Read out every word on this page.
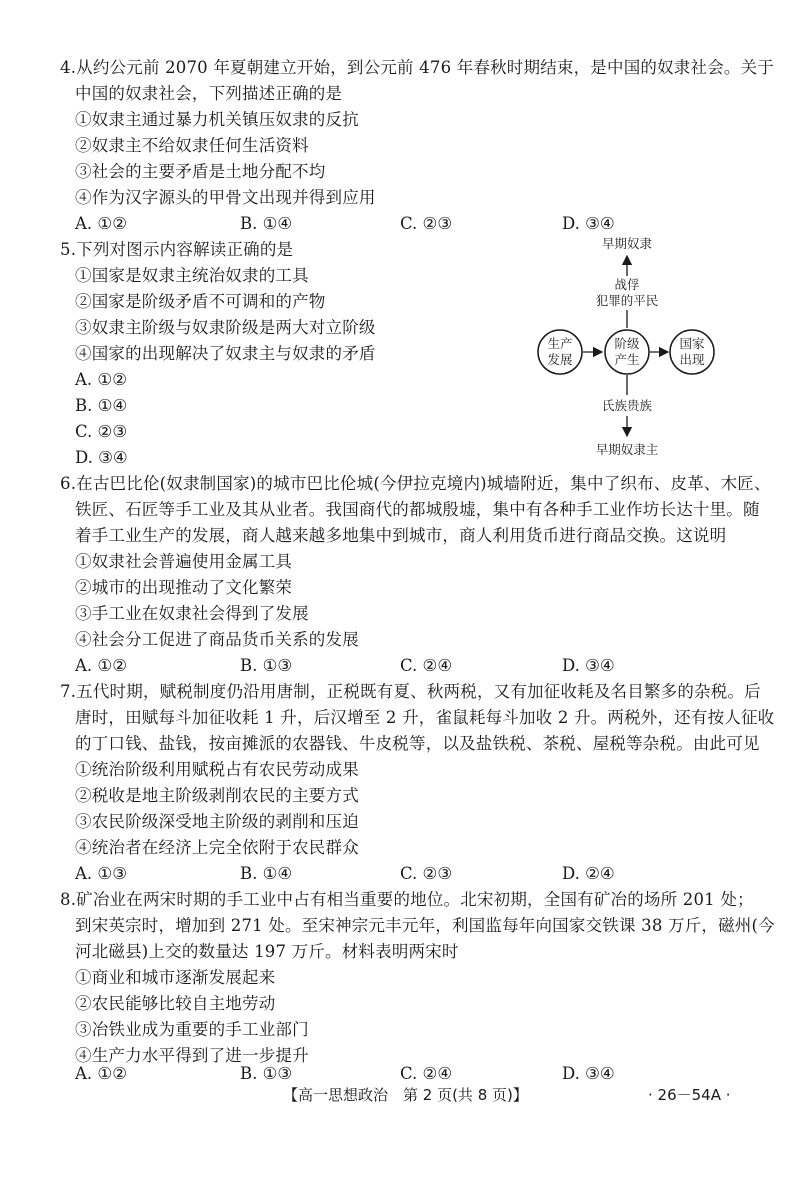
4.从约公元前 2070 年夏朝建立开始，到公元前 476 年春秋时期结束，是中国的奴隶社会。关于
中国的奴隶社会，下列描述正确的是
①奴隶主通过暴力机关镇压奴隶的反抗
②奴隶主不给奴隶任何生活资料
③社会的主要矛盾是土地分配不均
④作为汉字源头的甲骨文出现并得到应用
A. ①②	B. ①④	C. ②③	D. ③④
5.下列对图示内容解读正确的是
①国家是奴隶主统治奴隶的工具
②国家是阶级矛盾不可调和的产物
③奴隶主阶级与奴隶阶级是两大对立阶级
④国家的出现解决了奴隶主与奴隶的矛盾
A. ①②
B. ①④
C. ②③
D. ③④
早期奴隶
战俘
犯罪的平民
生产
发展
阶级
产生
国家
出现
氏族贵族
早期奴隶主
6.在古巴比伦(奴隶制国家)的城市巴比伦城(今伊拉克境内)城墙附近，集中了织布、皮革、木匠、
铁匠、石匠等手工业及其从业者。我国商代的都城殷墟，集中有各种手工业作坊长达十里。随
着手工业生产的发展，商人越来越多地集中到城市，商人利用货币进行商品交换。这说明
①奴隶社会普遍使用金属工具
②城市的出现推动了文化繁荣
③手工业在奴隶社会得到了发展
④社会分工促进了商品货币关系的发展
A. ①②	B. ①③	C. ②④	D. ③④
7.五代时期，赋税制度仍沿用唐制，正税既有夏、秋两税，又有加征收耗及名目繁多的杂税。后
唐时，田赋每斗加征收耗 1 升，后汉增至 2 升，雀鼠耗每斗加收 2 升。两税外，还有按人征收
的丁口钱、盐钱，按亩摊派的农器钱、牛皮税等，以及盐铁税、茶税、屋税等杂税。由此可见
①统治阶级利用赋税占有农民劳动成果
②税收是地主阶级剥削农民的主要方式
③农民阶级深受地主阶级的剥削和压迫
④统治者在经济上完全依附于农民群众
A. ①③	B. ①④	C. ②③	D. ②④
8.矿冶业在两宋时期的手工业中占有相当重要的地位。北宋初期，全国有矿冶的场所 201 处；
到宋英宗时，增加到 271 处。至宋神宗元丰元年，利国监每年向国家交铁课 38 万斤，磁州(今
河北磁县)上交的数量达 197 万斤。材料表明两宋时
①商业和城市逐渐发展起来
②农民能够比较自主地劳动
③冶铁业成为重要的手工业部门
④生产力水平得到了进一步提升
A. ①②	B. ①③	C. ②④	D. ③④
【高一思想政治　第 2 页(共 8 页)】	· 26－54A ·
